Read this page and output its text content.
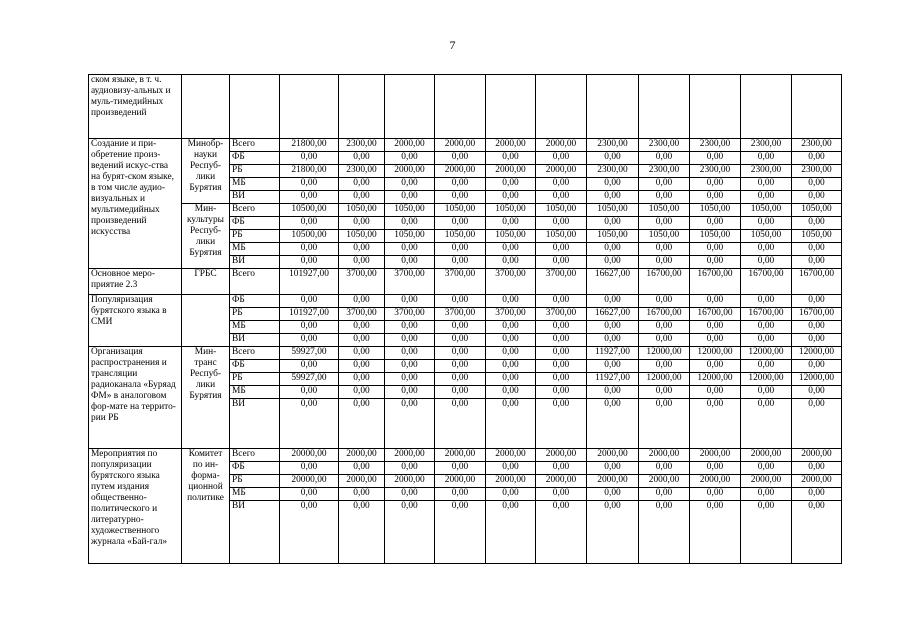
7
ском языке, в т. ч. аудиовизу-альных и муль-тимедийных произведений													
Создание и при-обретение произ-ведений искус-ства на бурят-ском языке, в том числе аудио-визуальных и мультимедийных произведений искусства	Минобр-науки Респуб-лики Бурятия	Всего	21800,00	2300,00	2000,00	2000,00	2000,00	2000,00	2300,00	2300,00	2300,00	2300,00	2300,00
		ФБ	0,00	0,00	0,00	0,00	0,00	0,00	0,00	0,00	0,00	0,00	0,00
		РБ	21800,00	2300,00	2000,00	2000,00	2000,00	2000,00	2300,00	2300,00	2300,00	2300,00	2300,00
		МБ	0,00	0,00	0,00	0,00	0,00	0,00	0,00	0,00	0,00	0,00	0,00
		ВИ	0,00	0,00	0,00	0,00	0,00	0,00	0,00	0,00	0,00	0,00	0,00
	Мин-культуры Респуб-лики Бурятия	Всего	10500,00	1050,00	1050,00	1050,00	1050,00	1050,00	1050,00	1050,00	1050,00	1050,00	1050,00
		ФБ	0,00	0,00	0,00	0,00	0,00	0,00	0,00	0,00	0,00	0,00	0,00
		РБ	10500,00	1050,00	1050,00	1050,00	1050,00	1050,00	1050,00	1050,00	1050,00	1050,00	1050,00
		МБ	0,00	0,00	0,00	0,00	0,00	0,00	0,00	0,00	0,00	0,00	0,00
		ВИ	0,00	0,00	0,00	0,00	0,00	0,00	0,00	0,00	0,00	0,00	0,00
Основное меро-приятие 2.3	ГРБС	Всего	101927,00	3700,00	3700,00	3700,00	3700,00	3700,00	16627,00	16700,00	16700,00	16700,00	16700,00
Популяризация бурятского языка в СМИ		ФБ	0,00	0,00	0,00	0,00	0,00	0,00	0,00	0,00	0,00	0,00	0,00
		РБ	101927,00	3700,00	3700,00	3700,00	3700,00	3700,00	16627,00	16700,00	16700,00	16700,00	16700,00
		МБ	0,00	0,00	0,00	0,00	0,00	0,00	0,00	0,00	0,00	0,00	0,00
		ВИ	0,00	0,00	0,00	0,00	0,00	0,00	0,00	0,00	0,00	0,00	0,00
Организация распространения и трансляции радиоканала «Буряад ФМ» в аналоговом фор-мате на террито-рии РБ	Мин-транс Респуб-лики Бурятия	Всего	59927,00	0,00	0,00	0,00	0,00	0,00	11927,00	12000,00	12000,00	12000,00	12000,00
		ФБ	0,00	0,00	0,00	0,00	0,00	0,00	0,00	0,00	0,00	0,00	0,00
		РБ	59927,00	0,00	0,00	0,00	0,00	0,00	11927,00	12000,00	12000,00	12000,00	12000,00
		МБ	0,00	0,00	0,00	0,00	0,00	0,00	0,00	0,00	0,00	0,00	0,00
		ВИ	0,00	0,00	0,00	0,00	0,00	0,00	0,00	0,00	0,00	0,00	0,00
Мероприятия по популяризации бурятского языка путем издания общественно-политического и литературно-художественного журнала «Бай-гал»	Комитет по ин-форма-ционной политике	Всего	20000,00	2000,00	2000,00	2000,00	2000,00	2000,00	2000,00	2000,00	2000,00	2000,00	2000,00
		ФБ	0,00	0,00	0,00	0,00	0,00	0,00	0,00	0,00	0,00	0,00	0,00
		РБ	20000,00	2000,00	2000,00	2000,00	2000,00	2000,00	2000,00	2000,00	2000,00	2000,00	2000,00
		МБ	0,00	0,00	0,00	0,00	0,00	0,00	0,00	0,00	0,00	0,00	0,00
		ВИ	0,00	0,00	0,00	0,00	0,00	0,00	0,00	0,00	0,00	0,00	0,00
